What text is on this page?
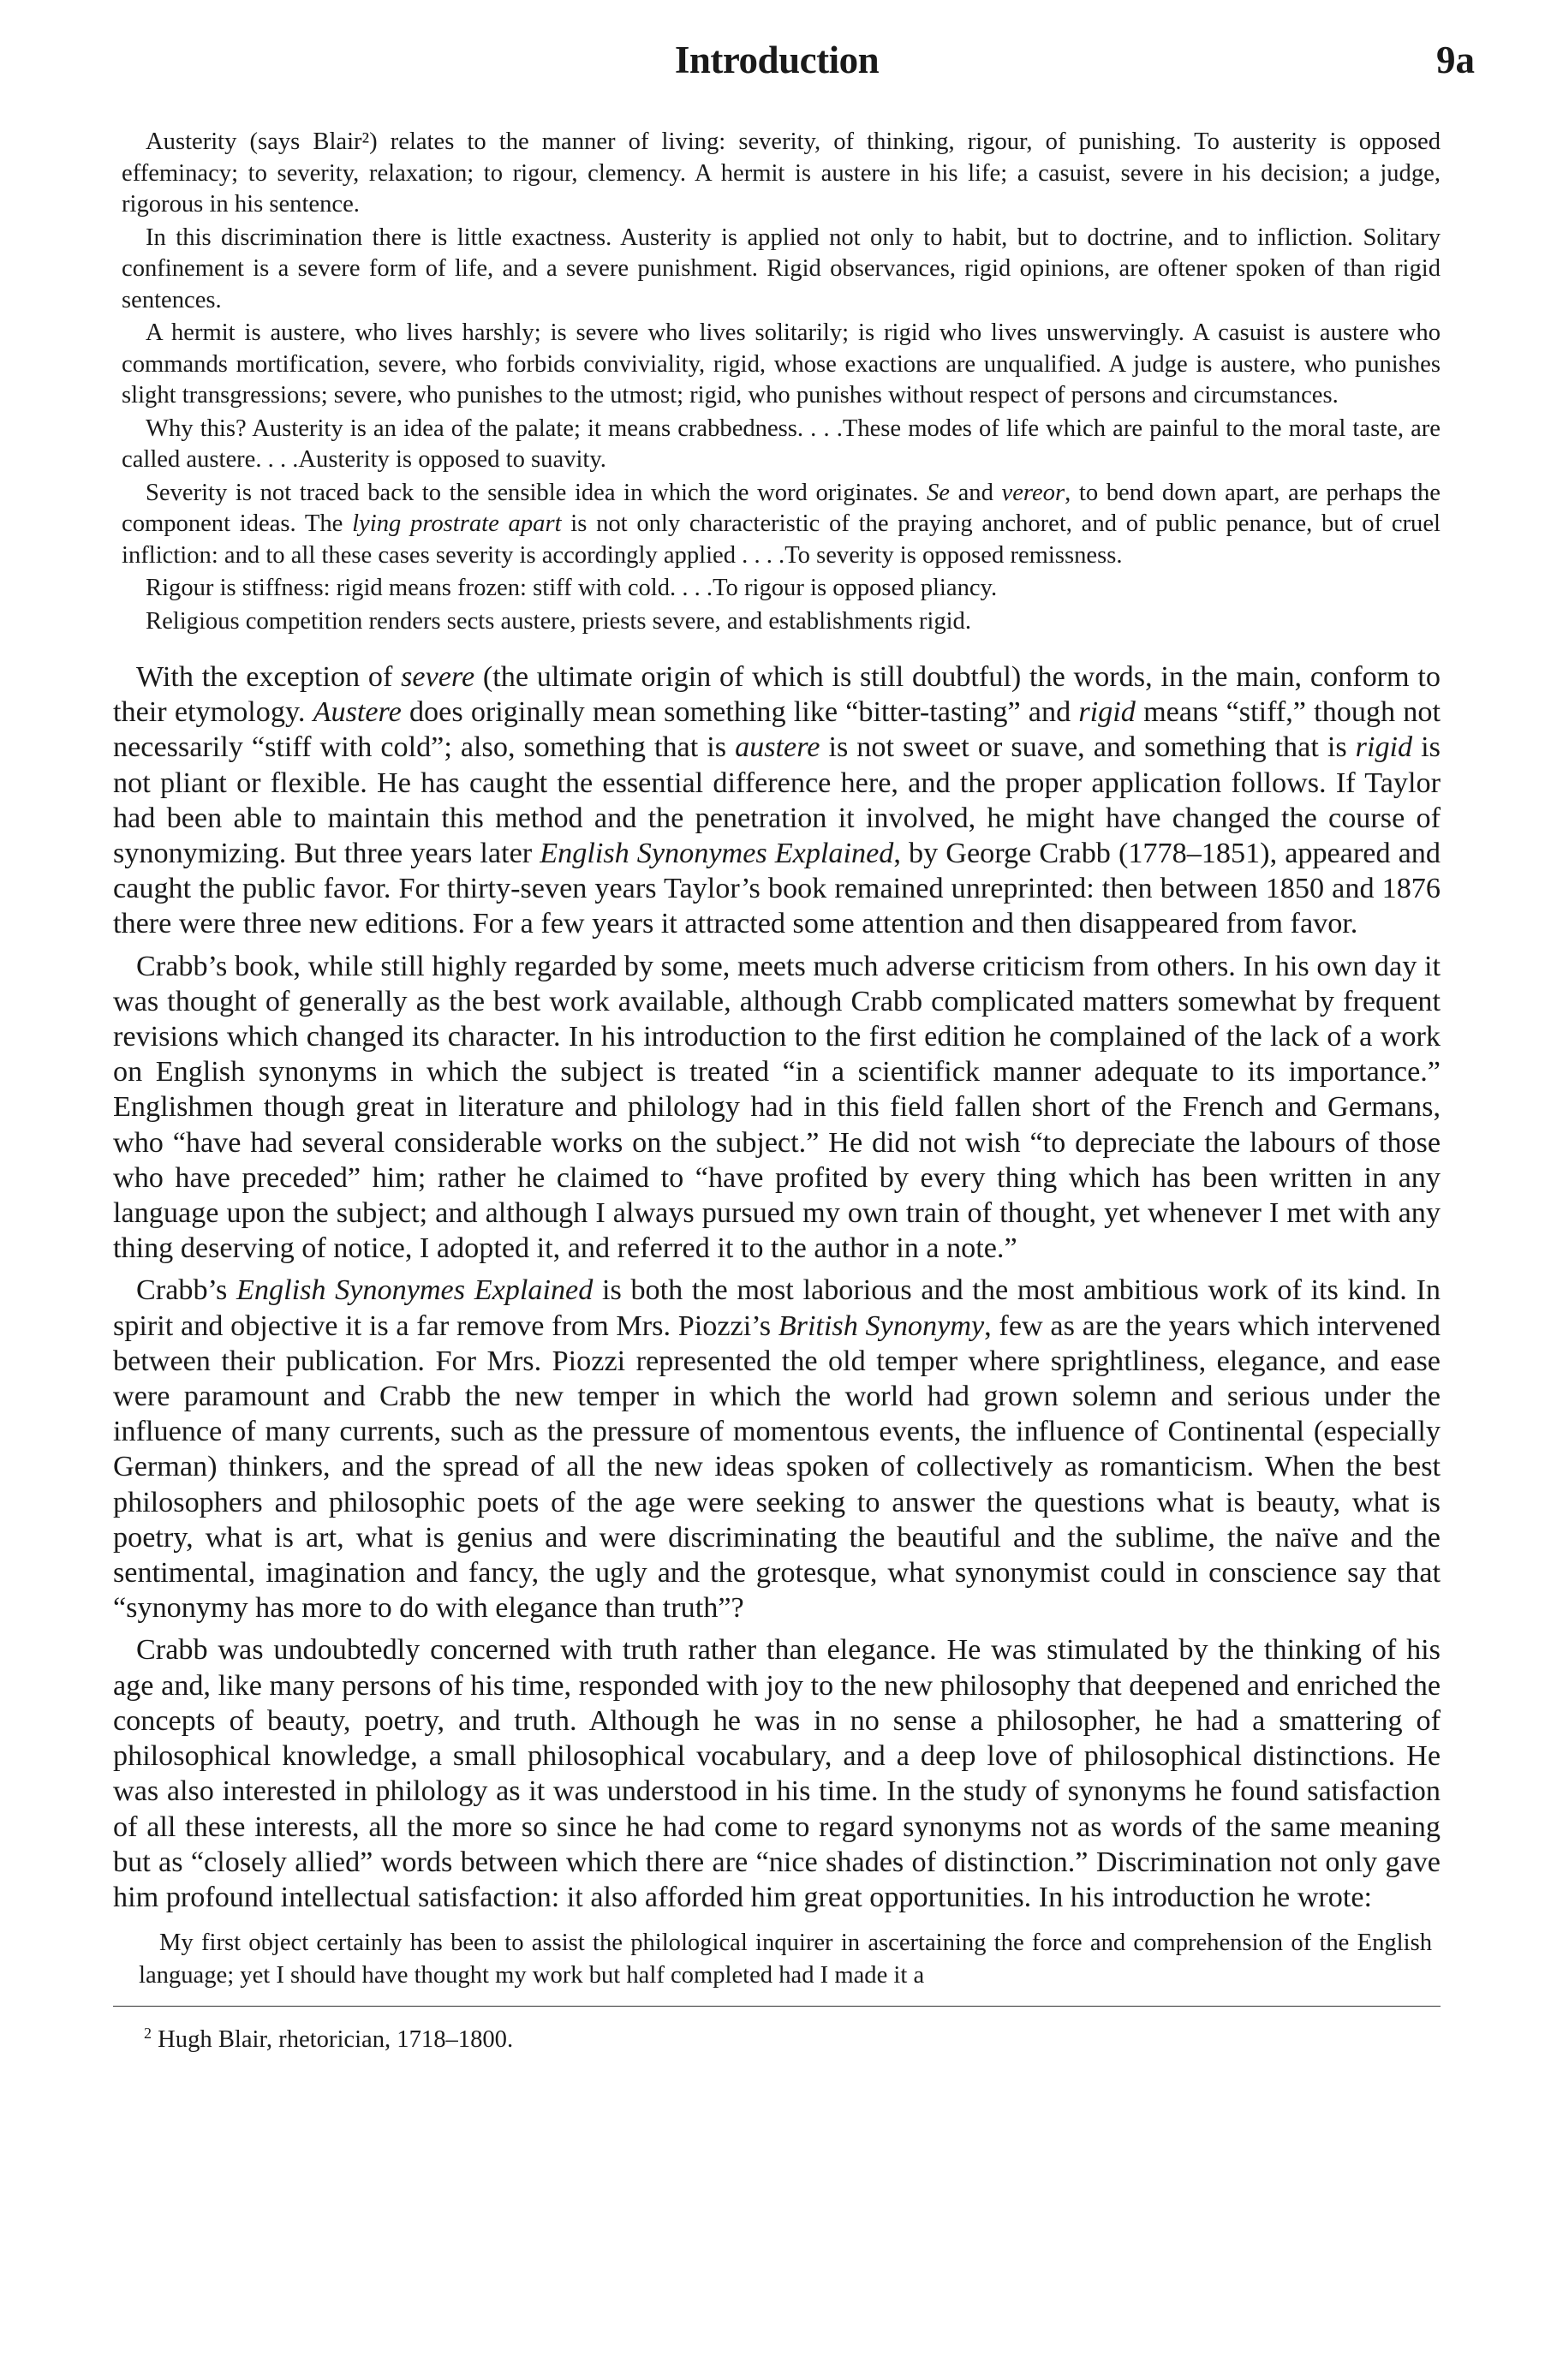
Introduction	9a

Austerity (says Blair²) relates to the manner of living: severity, of thinking, rigour, of punishing. To austerity is opposed effeminacy; to severity, relaxation; to rigour, clemency. A hermit is austere in his life; a casuist, severe in his decision; a judge, rigorous in his sentence.

In this discrimination there is little exactness. Austerity is applied not only to habit, but to doctrine, and to infliction. Solitary confinement is a severe form of life, and a severe punishment. Rigid observances, rigid opinions, are oftener spoken of than rigid sentences.

A hermit is austere, who lives harshly; is severe who lives solitarily; is rigid who lives unswervingly. A casuist is austere who commands mortification, severe, who forbids conviviality, rigid, whose exactions are unqualified. A judge is austere, who punishes slight transgressions; severe, who punishes to the utmost; rigid, who punishes without respect of persons and circumstances.

Why this? Austerity is an idea of the palate; it means crabbedness. . . .These modes of life which are painful to the moral taste, are called austere. . . .Austerity is opposed to suavity.

Severity is not traced back to the sensible idea in which the word originates. Se and vereor, to bend down apart, are perhaps the component ideas. The lying prostrate apart is not only characteristic of the praying anchoret, and of public penance, but of cruel infliction: and to all these cases severity is accordingly applied . . . .To severity is opposed remissness.

Rigour is stiffness: rigid means frozen: stiff with cold. . . .To rigour is opposed pliancy.

Religious competition renders sects austere, priests severe, and establishments rigid.

With the exception of severe (the ultimate origin of which is still doubtful) the words, in the main, conform to their etymology. Austere does originally mean something like “bitter-tasting” and rigid means “stiff,” though not necessarily “stiff with cold”; also, something that is austere is not sweet or suave, and something that is rigid is not pliant or flexible. He has caught the essential difference here, and the proper application follows. If Taylor had been able to maintain this method and the penetration it involved, he might have changed the course of synonymizing. But three years later English Synonymes Explained, by George Crabb (1778–1851), appeared and caught the public favor. For thirty-seven years Taylor’s book remained unreprinted: then between 1850 and 1876 there were three new editions. For a few years it attracted some attention and then disappeared from favor.

Crabb’s book, while still highly regarded by some, meets much adverse criticism from others. In his own day it was thought of generally as the best work available, although Crabb complicated matters somewhat by frequent revisions which changed its character. In his introduction to the first edition he complained of the lack of a work on English synonyms in which the subject is treated “in a scientifick manner adequate to its importance.” Englishmen though great in literature and philology had in this field fallen short of the French and Germans, who “have had several considerable works on the subject.” He did not wish “to depreciate the labours of those who have preceded” him; rather he claimed to “have profited by every thing which has been written in any language upon the subject; and although I always pursued my own train of thought, yet whenever I met with any thing deserving of notice, I adopted it, and referred it to the author in a note.”

Crabb’s English Synonymes Explained is both the most laborious and the most ambitious work of its kind. In spirit and objective it is a far remove from Mrs. Piozzi’s British Synonymy, few as are the years which intervened between their publication. For Mrs. Piozzi represented the old temper where sprightliness, elegance, and ease were paramount and Crabb the new temper in which the world had grown solemn and serious under the influence of many currents, such as the pressure of momentous events, the influence of Continental (especially German) thinkers, and the spread of all the new ideas spoken of collectively as romanticism. When the best philosophers and philosophic poets of the age were seeking to answer the questions what is beauty, what is poetry, what is art, what is genius and were discriminating the beautiful and the sublime, the naïve and the sentimental, imagination and fancy, the ugly and the grotesque, what synonymist could in conscience say that “synonymy has more to do with elegance than truth”?

Crabb was undoubtedly concerned with truth rather than elegance. He was stimulated by the thinking of his age and, like many persons of his time, responded with joy to the new philosophy that deepened and enriched the concepts of beauty, poetry, and truth. Although he was in no sense a philosopher, he had a smattering of philosophical knowledge, a small philosophical vocabulary, and a deep love of philosophical distinctions. He was also interested in philology as it was understood in his time. In the study of synonyms he found satisfaction of all these interests, all the more so since he had come to regard synonyms not as words of the same meaning but as “closely allied” words between which there are “nice shades of distinction.” Discrimination not only gave him profound intellectual satisfaction: it also afforded him great opportunities. In his introduction he wrote:

My first object certainly has been to assist the philological inquirer in ascertaining the force and comprehension of the English language; yet I should have thought my work but half completed had I made it a

$^2$ Hugh Blair, rhetorician, 1718–1800.
